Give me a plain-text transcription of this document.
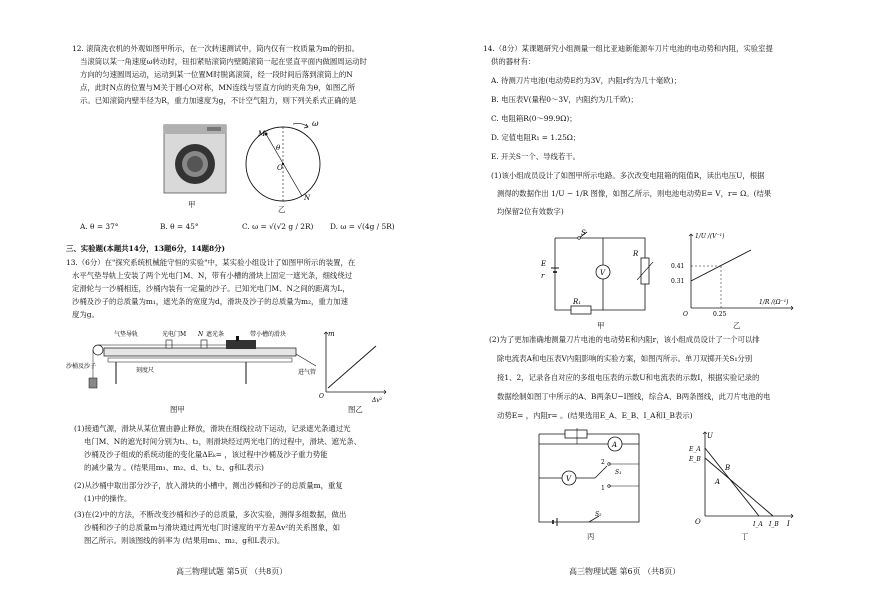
12. 滚筒洗衣机的外观如图甲所示，在一次转速测试中，筒内仅有一枚质量为m的钥扣。
当滚筒以某一角速度ω转动时，钮扣紧贴滚筒内壁随滚筒一起在竖直平面内做圆周运动时
方向的匀速圆周运动，运动到某一位置M时脱离滚筒，经一段时间后落到滚筒上的N
点，此时N点的位置与M关于圆心O对称，MN连线与竖直方向的夹角为θ，如图乙所
示。已知滚筒内壁半径为R，重力加速度为g，不计空气阻力，则下列关系式正确的是
甲
M
θ
O
N
ω
乙
A. θ = 37°	B. θ = 45°	C. ω = √(√2 g / 2R) D. ω = √(4g / 5R)
三、实验题(本题共14分，13题6分，14题8分)
13.（6分）在"探究系统机械能守恒的实验"中，某实验小组设计了如图甲所示的装置，在
水平气垫导轨上安装了两个光电门M、N，带有小槽的滑块上固定一遮光条，细线绕过
定滑轮与一沙桶相连，沙桶内装有一定量的沙子。已知光电门M、N之间的距离为L，
沙桶及沙子的总质量为m₁，遮光条的宽度为d，滑块及沙子的总质量为m₂，重力加速
度为g。
气垫导轨	光电门M	遮光条	带小槽的滑块
沙桶及沙子
刻度尺	进气管
N
图甲
m
Δv²
O
图乙
(1)接通气源，滑块从某位置由静止释放，滑块在细线拉动下运动，记录遮光条通过光
电门M、N的遮光时间分别为t₁、t₂，则滑块经过两光电门的过程中，滑块、遮光条、
沙桶及沙子组成的系统动能的变化量ΔEₖ= ，该过程中沙桶及沙子重力势能
的减少量为 。(结果用m₁、m₂、d、t₁、t₂、g和L表示)
(2)从沙桶中取出部分沙子，放入滑块的小槽中，测出沙桶和沙子的总质量m，重复
(1)中的操作。
(3)在(2)中的方法，不断改变沙桶和沙子的总质量，多次实验，测得多组数据，做出
沙桶和沙子的总质量m与滑块通过两光电门时速度的平方差Δv²的关系图象，如
图乙所示。则该图线的斜率为 (结果用m₁、m₂、g和L表示)。
高三物理试题 第5页 （共8页）
14.（8分）某课题研究小组测量一组比亚迪新能源车刀片电池的电动势和内阻，实验室提
供的器材有：
A. 待测刀片电池(电动势E约为3V，内阻r约为几十毫欧)；
B. 电压表V(量程0～3V，内阻约为几千欧)；
C. 电阻箱R(0～99.9Ω)；
D. 定值电阻R₁ = 1.25Ω；
E. 开关S一个、导线若干。
(1)该小组成员设计了如图甲所示电路。多次改变电阻箱的阻值R，读出电压U，根据
测得的数据作出 1/U − 1/R 图像，如图乙所示，则电池电动势E= V，r= Ω。(结果
均保留2位有效数字)
S
E
r	V
R
R₁
甲
1/U /(V⁻¹)
1/R /(Ω⁻¹)
O
0.41
0.31
0.25
乙
(2)为了更加准确地测量刀片电池的电动势E和内阻r，该小组成员设计了一个可以排
除电流表A和电压表V内阻影响的实验方案，如图丙所示。单刀双掷开关S₁分别
接1、2，记录各自对应的多组电压表的示数U和电流表的示数I，根据实验记录的
数据绘制如图丁中所示的A、B两条U−I图线，综合A、B两条图线，此刀片电池的电
动势E= ，内阻r= 。(结果选用E_A、E_B、I_A和I_B表示)
A
V
S₁
S₂
1
2
丙
U
I
O
E_A
E_B
I_A I_B
B
A
丁
高三物理试题 第6页 （共8页）
